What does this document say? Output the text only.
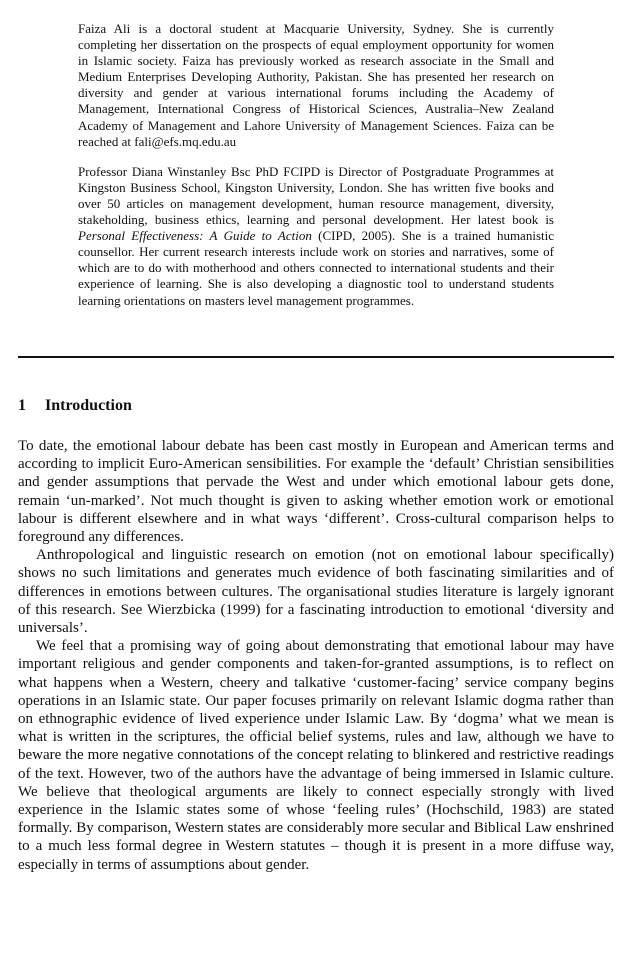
Faiza Ali is a doctoral student at Macquarie University, Sydney. She is currently completing her dissertation on the prospects of equal employment opportunity for women in Islamic society. Faiza has previously worked as research associate in the Small and Medium Enterprises Developing Authority, Pakistan. She has presented her research on diversity and gender at various international forums including the Academy of Management, International Congress of Historical Sciences, Australia–New Zealand Academy of Management and Lahore University of Management Sciences. Faiza can be reached at fali@efs.mq.edu.au

Professor Diana Winstanley Bsc PhD FCIPD is Director of Postgraduate Programmes at Kingston Business School, Kingston University, London. She has written five books and over 50 articles on management development, human resource management, diversity, stakeholding, business ethics, learning and personal development. Her latest book is Personal Effectiveness: A Guide to Action (CIPD, 2005). She is a trained humanistic counsellor. Her current research interests include work on stories and narratives, some of which are to do with motherhood and others connected to international students and their experience of learning. She is also developing a diagnostic tool to understand students learning orientations on masters level management programmes.

1 Introduction

To date, the emotional labour debate has been cast mostly in European and American terms and according to implicit Euro-American sensibilities. For example the ‘default’ Christian sensibilities and gender assumptions that pervade the West and under which emotional labour gets done, remain ‘un-marked’. Not much thought is given to asking whether emotion work or emotional labour is different elsewhere and in what ways ‘different’. Cross-cultural comparison helps to foreground any differences.

Anthropological and linguistic research on emotion (not on emotional labour specifically) shows no such limitations and generates much evidence of both fascinating similarities and of differences in emotions between cultures. The organisational studies literature is largely ignorant of this research. See Wierzbicka (1999) for a fascinating introduction to emotional ‘diversity and universals’.

We feel that a promising way of going about demonstrating that emotional labour may have important religious and gender components and taken-for-granted assumptions, is to reflect on what happens when a Western, cheery and talkative ‘customer-facing’ service company begins operations in an Islamic state. Our paper focuses primarily on relevant Islamic dogma rather than on ethnographic evidence of lived experience under Islamic Law. By ‘dogma’ what we mean is what is written in the scriptures, the official belief systems, rules and law, although we have to beware the more negative connotations of the concept relating to blinkered and restrictive readings of the text. However, two of the authors have the advantage of being immersed in Islamic culture. We believe that theological arguments are likely to connect especially strongly with lived experience in the Islamic states some of whose ‘feeling rules’ (Hochschild, 1983) are stated formally. By comparison, Western states are considerably more secular and Biblical Law enshrined to a much less formal degree in Western statutes – though it is present in a more diffuse way, especially in terms of assumptions about gender.
